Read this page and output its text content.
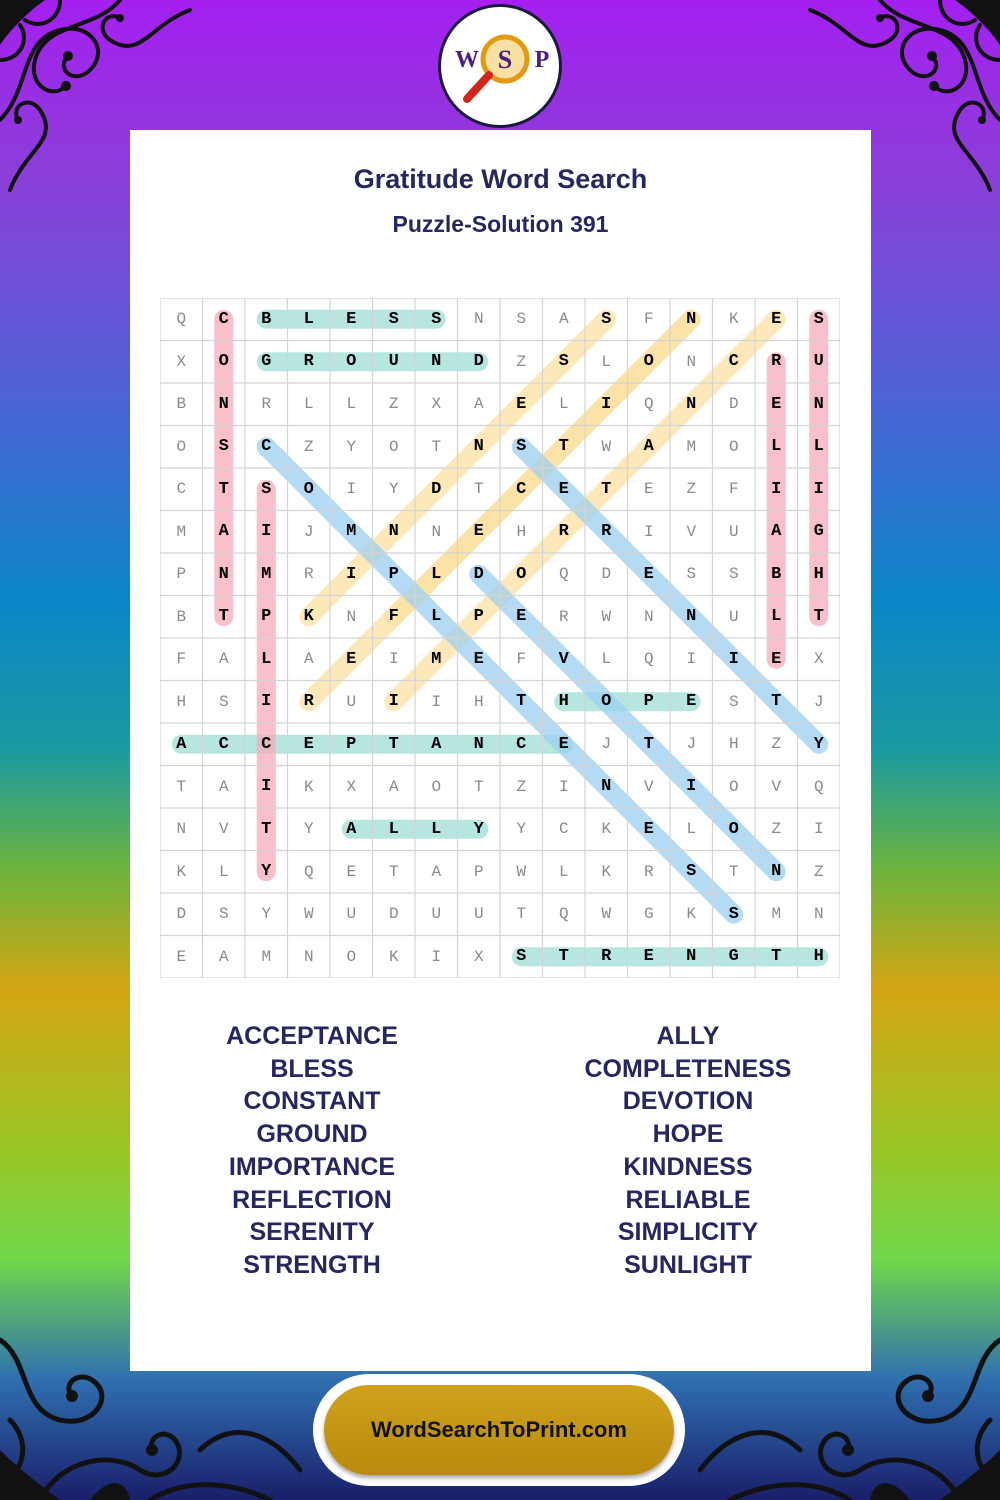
W S P
Gratitude Word Search
Puzzle-Solution 391
Q	C	B	L	E	S	S	N	S	A	S	F	N	K	E	S
X	O	G	R	O	U	N	D	Z	S	L	O	N	C	R	U
B	N	R	L	L	Z	X	A	E	L	I	Q	N	D	E	N
O	S	C	Z	Y	O	T	N	S	T	W	A	M	O	L	L
C	T	S	O	I	Y	D	T	C	E	T	E	Z	F	I	I
M	A	I	J	M	N	N	E	H	R	R	I	V	U	A	G
P	N	M	R	I	P	L	D	O	Q	D	E	S	S	B	H
B	T	P	K	N	F	L	P	E	R	W	N	N	U	L	T
F	A	L	A	E	I	M	E	F	V	L	Q	I	I	E	X
H	S	I	R	U	I	I	H	T	H	O	P	E	S	T	J
A	C	C	E	P	T	A	N	C	E	J	T	J	H	Z	Y
T	A	I	K	X	A	O	T	Z	I	N	V	I	O	V	Q
N	V	T	Y	A	L	L	Y	Y	C	K	E	L	O	Z	I
K	L	Y	Q	E	T	A	P	W	L	K	R	S	T	N	Z
D	S	Y	W	U	D	U	U	T	Q	W	G	K	S	M	N
E	A	M	N	O	K	I	X	S	T	R	E	N	G	T	H
ACCEPTANCE
BLESS
CONSTANT
GROUND
IMPORTANCE
REFLECTION
SERENITY
STRENGTH
ALLY
COMPLETENESS
DEVOTION
HOPE
KINDNESS
RELIABLE
SIMPLICITY
SUNLIGHT
WordSearchToPrint.com
